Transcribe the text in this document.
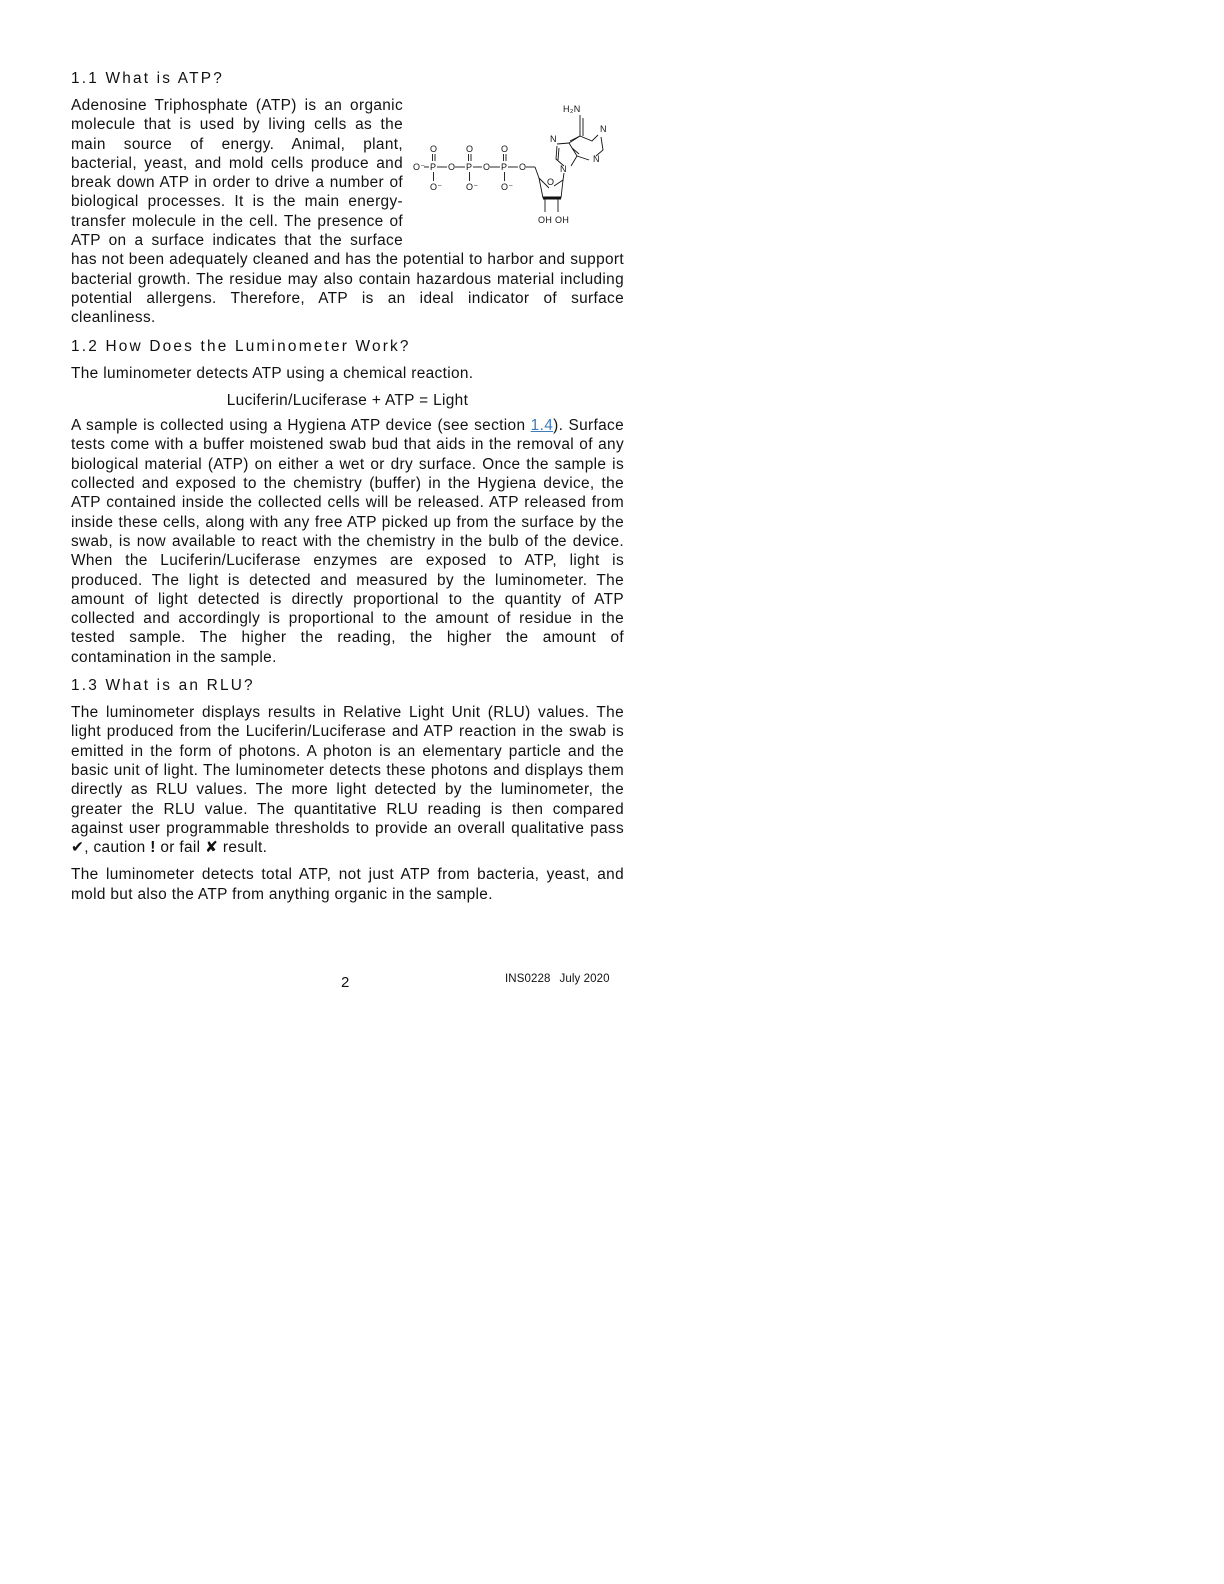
1.1 What is ATP?
H₂N
N
N
N
N
O	O	O
O⁻ P O P O P O
O⁻	O⁻	O⁻	O
OH OH
Adenosine Triphosphate (ATP) is an organic molecule that is used by living cells as the main source of energy. Animal, plant, bacterial, yeast, and mold cells produce and break down ATP in order to drive a number of biological processes. It is the main energy-transfer molecule in the cell. The presence of ATP on a surface indicates that the surface has not been adequately cleaned and has the potential to harbor and support bacterial growth. The residue may also contain hazardous material including potential allergens. Therefore, ATP is an ideal indicator of surface cleanliness.
1.2 How Does the Luminometer Work?
The luminometer detects ATP using a chemical reaction.
Luciferin/Luciferase + ATP = Light
A sample is collected using a Hygiena ATP device (see section 1.4). Surface tests come with a buffer moistened swab bud that aids in the removal of any biological material (ATP) on either a wet or dry surface. Once the sample is collected and exposed to the chemistry (buffer) in the Hygiena device, the ATP contained inside the collected cells will be released. ATP released from inside these cells, along with any free ATP picked up from the surface by the swab, is now available to react with the chemistry in the bulb of the device. When the Luciferin/Luciferase enzymes are exposed to ATP, light is produced. The light is detected and measured by the luminometer. The amount of light detected is directly proportional to the quantity of ATP collected and accordingly is proportional to the amount of residue in the tested sample. The higher the reading, the higher the amount of contamination in the sample.
1.3 What is an RLU?
The luminometer displays results in Relative Light Unit (RLU) values. The light produced from the Luciferin/Luciferase and ATP reaction in the swab is emitted in the form of photons. A photon is an elementary particle and the basic unit of light. The luminometer detects these photons and displays them directly as RLU values. The more light detected by the luminometer, the greater the RLU value. The quantitative RLU reading is then compared against user programmable thresholds to provide an overall qualitative pass ✔, caution ! or fail ✘ result.
The luminometer detects total ATP, not just ATP from bacteria, yeast, and mold but also the ATP from anything organic in the sample.
2	INS0228 July 2020
